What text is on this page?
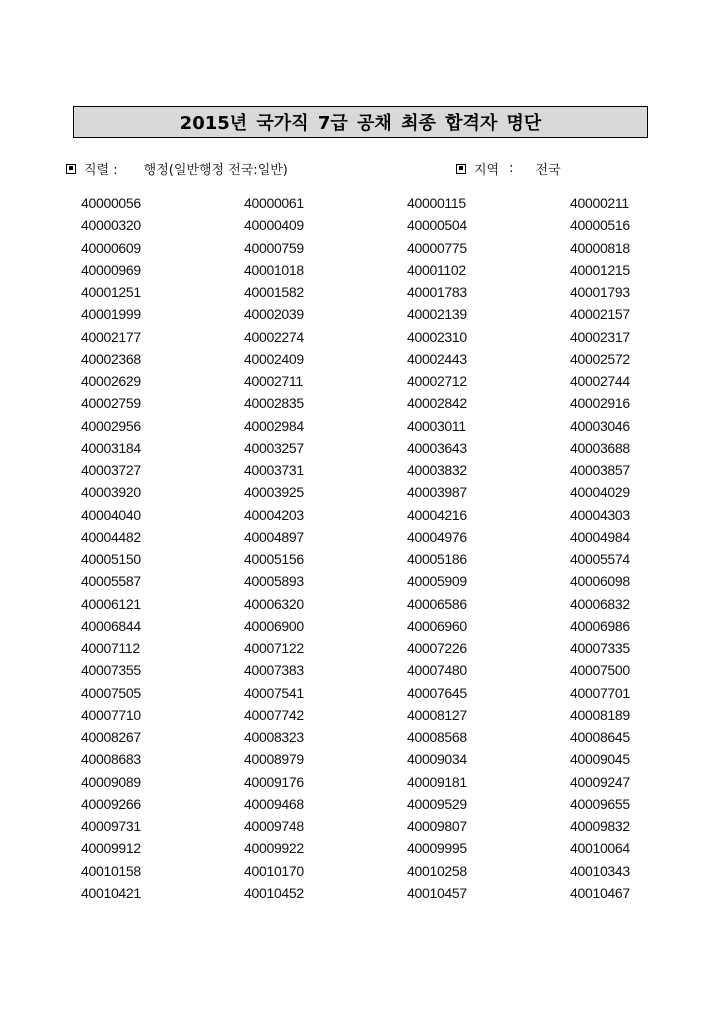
2015년 국가직 7급 공채 최종 합격자 명단
직렬 : 행정(일반행정 전국:일반)	지역 : 전국
40000056	40000061	40000115	40000211
40000320	40000409	40000504	40000516
40000609	40000759	40000775	40000818
40000969	40001018	40001102	40001215
40001251	40001582	40001783	40001793
40001999	40002039	40002139	40002157
40002177	40002274	40002310	40002317
40002368	40002409	40002443	40002572
40002629	40002711	40002712	40002744
40002759	40002835	40002842	40002916
40002956	40002984	40003011	40003046
40003184	40003257	40003643	40003688
40003727	40003731	40003832	40003857
40003920	40003925	40003987	40004029
40004040	40004203	40004216	40004303
40004482	40004897	40004976	40004984
40005150	40005156	40005186	40005574
40005587	40005893	40005909	40006098
40006121	40006320	40006586	40006832
40006844	40006900	40006960	40006986
40007112	40007122	40007226	40007335
40007355	40007383	40007480	40007500
40007505	40007541	40007645	40007701
40007710	40007742	40008127	40008189
40008267	40008323	40008568	40008645
40008683	40008979	40009034	40009045
40009089	40009176	40009181	40009247
40009266	40009468	40009529	40009655
40009731	40009748	40009807	40009832
40009912	40009922	40009995	40010064
40010158	40010170	40010258	40010343
40010421	40010452	40010457	40010467
